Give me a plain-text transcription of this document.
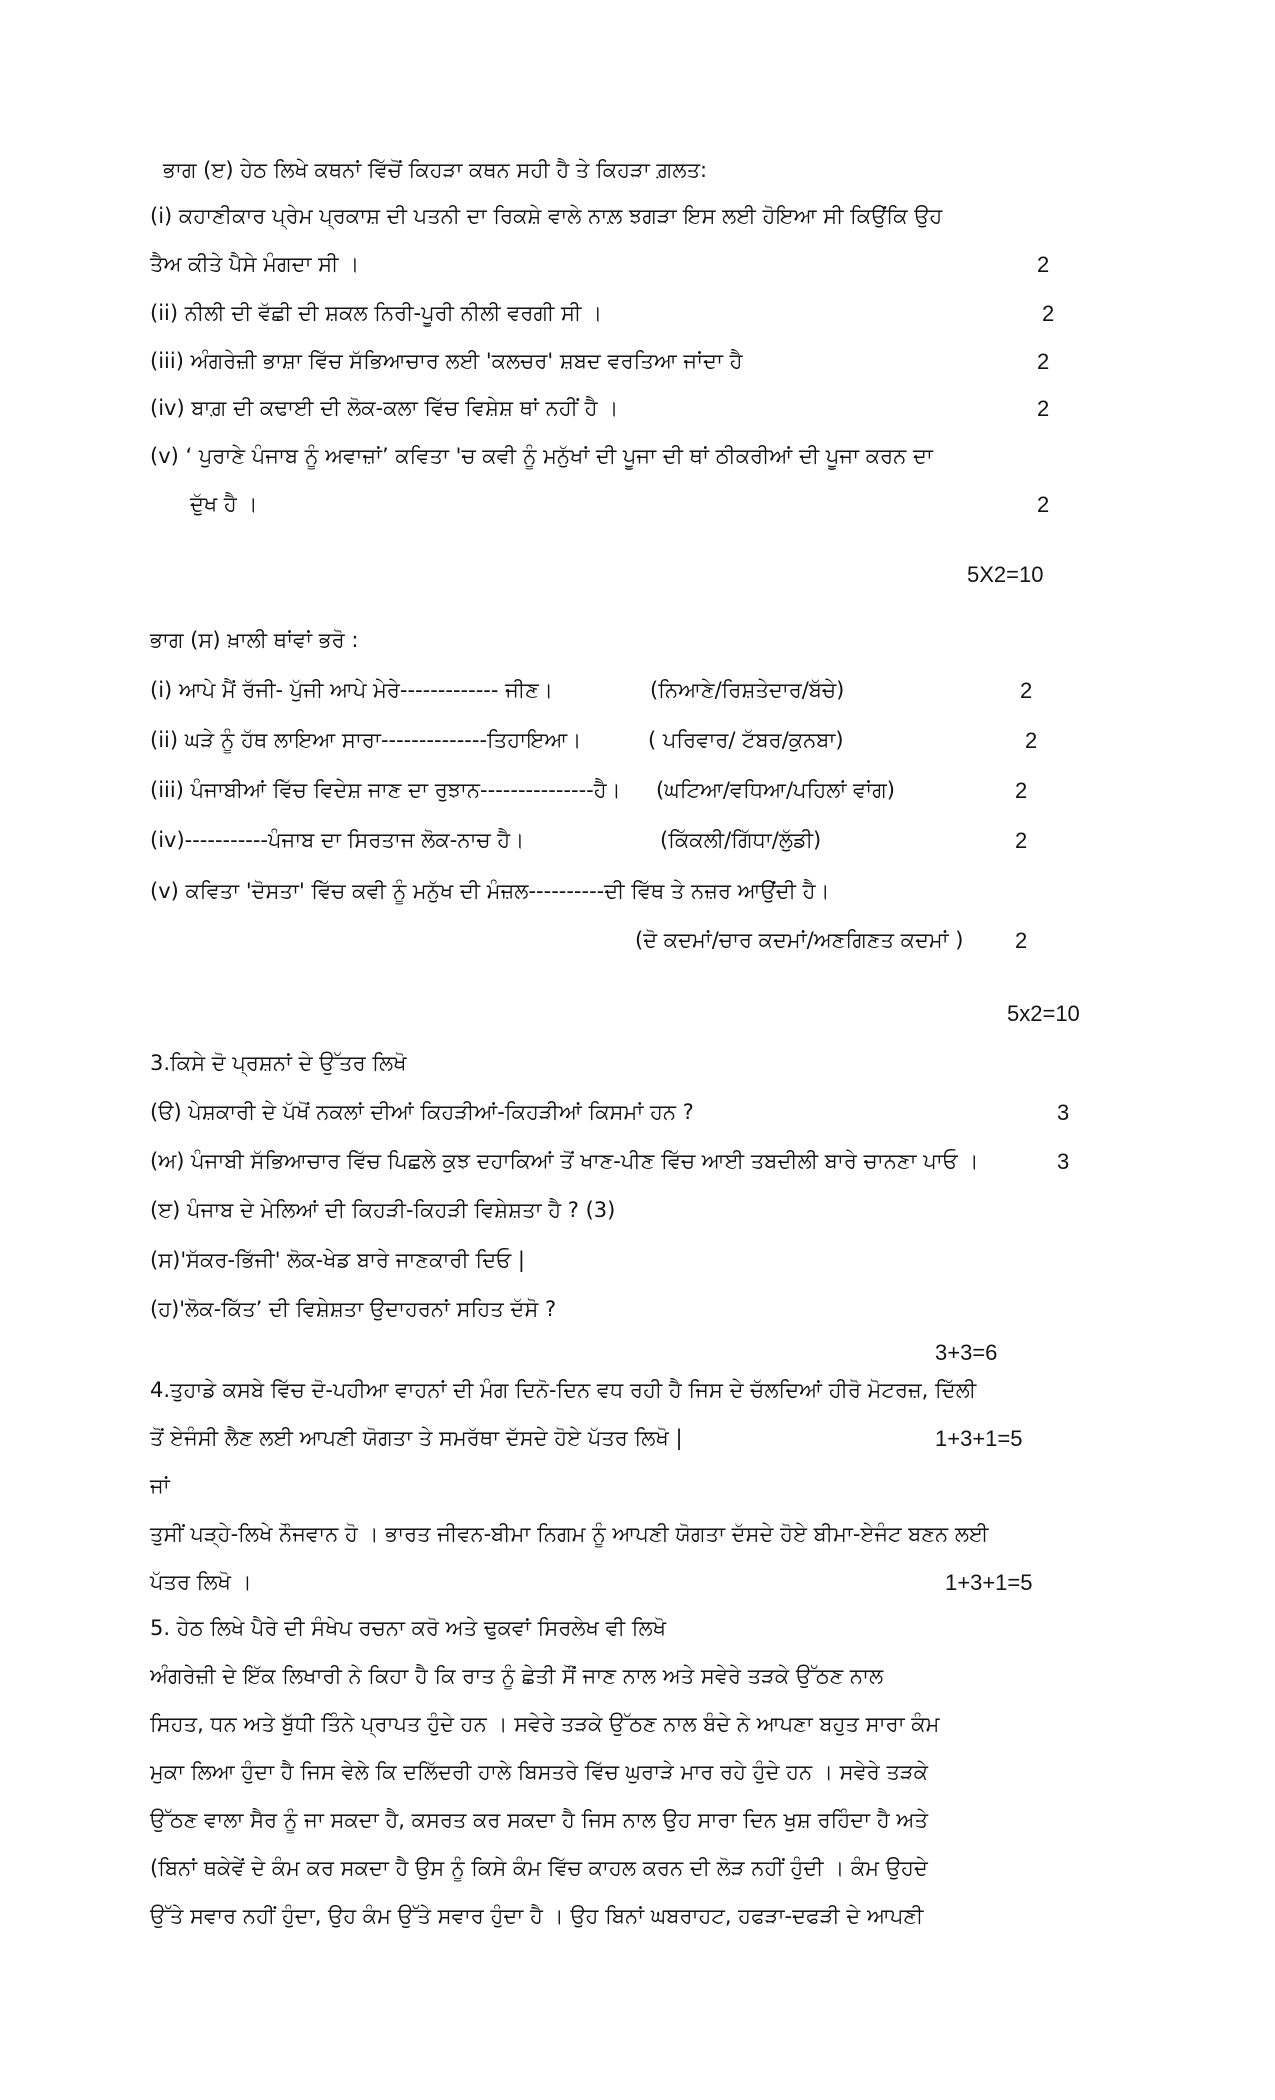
ਭਾਗ (ੲ) ਹੇਠ ਲਿਖੇ ਕਥਨਾਂ ਵਿੱਚੋਂ ਕਿਹੜਾ ਕਥਨ ਸਹੀ ਹੈ ਤੇ ਕਿਹੜਾ ਗ਼ਲਤ:
(i) ਕਹਾਣੀਕਾਰ ਪ੍ਰੇਮ ਪ੍ਰਕਾਸ਼ ਦੀ ਪਤਨੀ ਦਾ ਰਿਕਸ਼ੇ ਵਾਲੇ ਨਾਲ਼ ਝਗੜਾ ਇਸ ਲਈ ਹੋਇਆ ਸੀ ਕਿਉਂਕਿ ਉਹ
ਤੈਅ ਕੀਤੇ ਪੈਸੇ ਮੰਗਦਾ ਸੀ ।	2
(ii) ਨੀਲੀ ਦੀ ਵੱਛੀ ਦੀ ਸ਼ਕਲ ਨਿਰੀ-ਪੂਰੀ ਨੀਲੀ ਵਰਗੀ ਸੀ ।	2
(iii) ਅੰਗਰੇਜ਼ੀ ਭਾਸ਼ਾ ਵਿੱਚ ਸੱਭਿਆਚਾਰ ਲਈ 'ਕਲਚਰ' ਸ਼ਬਦ ਵਰਤਿਆ ਜਾਂਦਾ ਹੈ	2
(iv) ਬਾਗ਼ ਦੀ ਕਢਾਈ ਦੀ ਲੋਕ-ਕਲਾ ਵਿੱਚ ਵਿਸ਼ੇਸ਼ ਥਾਂ ਨਹੀਂ ਹੈ ।	2
(v) ‘ ਪੁਰਾਣੇ ਪੰਜਾਬ ਨੂੰ ਅਵਾਜ਼ਾਂ’ ਕਵਿਤਾ 'ਚ ਕਵੀ ਨੂੰ ਮਨੁੱਖਾਂ ਦੀ ਪੂਜਾ ਦੀ ਥਾਂ ਠੀਕਰੀਆਂ ਦੀ ਪੂਜਾ ਕਰਨ ਦਾ
ਦੁੱਖ ਹੈ ।	2
5X2=10
ਭਾਗ (ਸ) ਖ਼ਾਲੀ ਥਾਂਵਾਂ ਭਰੋ :
(i) ਆਪੇ ਮੈਂ ਰੱਜੀ- ਪੁੱਜੀ ਆਪੇ ਮੇਰੇ------------- ਜੀਣ।	(ਨਿਆਣੇ/ਰਿਸ਼ਤੇਦਾਰ/ਬੱਚੇ)	2
(ii) ਘੜੇ ਨੂੰ ਹੱਥ ਲਾਇਆ ਸਾਰਾ--------------ਤਿਹਾਇਆ।	( ਪਰਿਵਾਰ/ ਟੱਬਰ/ਕੁਨਬਾ)	2
(iii) ਪੰਜਾਬੀਆਂ ਵਿੱਚ ਵਿਦੇਸ਼ ਜਾਣ ਦਾ ਰੁਝਾਨ---------------ਹੈ। (ਘਟਿਆ/ਵਧਿਆ/ਪਹਿਲਾਂ ਵਾਂਗ)	2
(iv)-----------ਪੰਜਾਬ ਦਾ ਸਿਰਤਾਜ ਲੋਕ-ਨਾਚ ਹੈ।	(ਕਿੱਕਲੀ/ਗਿੱਧਾ/ਲੁੱਡੀ)	2
(v) ਕਵਿਤਾ 'ਦੋਸਤਾ' ਵਿੱਚ ਕਵੀ ਨੂੰ ਮਨੁੱਖ ਦੀ ਮੰਜ਼ਲ----------ਦੀ ਵਿੱਥ ਤੇ ਨਜ਼ਰ ਆਉਂਦੀ ਹੈ।
(ਦੋ ਕਦਮਾਂ/ਚਾਰ ਕਦਮਾਂ/ਅਣਗਿਣਤ ਕਦਮਾਂ ) 2
5x2=10
3.ਕਿਸੇ ਦੋ ਪ੍ਰਸ਼ਨਾਂ ਦੇ ਉੱਤਰ ਲਿਖੋ
(ੳ) ਪੇਸ਼ਕਾਰੀ ਦੇ ਪੱਖੋਂ ਨਕਲਾਂ ਦੀਆਂ ਕਿਹੜੀਆਂ-ਕਿਹੜੀਆਂ ਕਿਸਮਾਂ ਹਨ ?	3
(ਅ) ਪੰਜਾਬੀ ਸੱਭਿਆਚਾਰ ਵਿੱਚ ਪਿਛਲੇ ਕੁਝ ਦਹਾਕਿਆਂ ਤੋਂ ਖਾਣ-ਪੀਣ ਵਿੱਚ ਆਈ ਤਬਦੀਲੀ ਬਾਰੇ ਚਾਨਣਾ ਪਾਓ ।	3
(ੲ) ਪੰਜਾਬ ਦੇ ਮੇਲਿਆਂ ਦੀ ਕਿਹੜੀ-ਕਿਹੜੀ ਵਿਸ਼ੇਸ਼ਤਾ ਹੈ ? (3)
(ਸ)'ਸੱਕਰ-ਭਿੱਜੀ' ਲੋਕ-ਖੇਡ ਬਾਰੇ ਜਾਣਕਾਰੀ ਦਿਓ |
(ਹ)'ਲੋਕ-ਕਿੱਤ’ ਦੀ ਵਿਸ਼ੇਸ਼ਤਾ ਉਦਾਹਰਨਾਂ ਸਹਿਤ ਦੱਸੋ ?
3+3=6
4.ਤੁਹਾਡੇ ਕਸਬੇ ਵਿੱਚ ਦੋ-ਪਹੀਆ ਵਾਹਨਾਂ ਦੀ ਮੰਗ ਦਿਨੋ-ਦਿਨ ਵਧ ਰਹੀ ਹੈ ਜਿਸ ਦੇ ਚੱਲਦਿਆਂ ਹੀਰੋ ਮੋਟਰਜ਼, ਦਿੱਲੀ
ਤੋਂ ਏਜੰਸੀ ਲੈਣ ਲਈ ਆਪਣੀ ਯੋਗਤਾ ਤੇ ਸਮਰੱਥਾ ਦੱਸਦੇ ਹੋਏ ਪੱਤਰ ਲਿਖੋ |	1+3+1=5
ਜਾਂ
ਤੁਸੀਂ ਪੜ੍ਹੇ-ਲਿਖੇ ਨੌਜਵਾਨ ਹੋ । ਭਾਰਤ ਜੀਵਨ-ਬੀਮਾ ਨਿਗਮ ਨੂੰ ਆਪਣੀ ਯੋਗਤਾ ਦੱਸਦੇ ਹੋਏ ਬੀਮਾ-ਏਜੰਟ ਬਣਨ ਲਈ
ਪੱਤਰ ਲਿਖੋ ।	1+3+1=5
5. ਹੇਠ ਲਿਖੇ ਪੈਰੇ ਦੀ ਸੰਖੇਪ ਰਚਨਾ ਕਰੋ ਅਤੇ ਢੁਕਵਾਂ ਸਿਰਲੇਖ ਵੀ ਲਿਖੋ
ਅੰਗਰੇਜ਼ੀ ਦੇ ਇੱਕ ਲਿਖਾਰੀ ਨੇ ਕਿਹਾ ਹੈ ਕਿ ਰਾਤ ਨੂੰ ਛੇਤੀ ਸੌਂ ਜਾਣ ਨਾਲ ਅਤੇ ਸਵੇਰੇ ਤੜਕੇ ਉੱਠਣ ਨਾਲ
ਸਿਹਤ, ਧਨ ਅਤੇ ਬੁੱਧੀ ਤਿੰਨੇ ਪ੍ਰਾਪਤ ਹੁੰਦੇ ਹਨ । ਸਵੇਰੇ ਤੜਕੇ ਉੱਠਣ ਨਾਲ ਬੰਦੇ ਨੇ ਆਪਣਾ ਬਹੁਤ ਸਾਰਾ ਕੰਮ
ਮੁਕਾ ਲਿਆ ਹੁੰਦਾ ਹੈ ਜਿਸ ਵੇਲੇ ਕਿ ਦਲਿੱਦਰੀ ਹਾਲੇ ਬਿਸਤਰੇ ਵਿੱਚ ਘੁਰਾੜੇ ਮਾਰ ਰਹੇ ਹੁੰਦੇ ਹਨ । ਸਵੇਰੇ ਤੜਕੇ
ਉੱਠਣ ਵਾਲਾ ਸੈਰ ਨੂੰ ਜਾ ਸਕਦਾ ਹੈ, ਕਸਰਤ ਕਰ ਸਕਦਾ ਹੈ ਜਿਸ ਨਾਲ ਉਹ ਸਾਰਾ ਦਿਨ ਖੁਸ਼ ਰਹਿੰਦਾ ਹੈ ਅਤੇ
(ਬਿਨਾਂ ਥਕੇਵੇਂ ਦੇ ਕੰਮ ਕਰ ਸਕਦਾ ਹੈ ਉਸ ਨੂੰ ਕਿਸੇ ਕੰਮ ਵਿੱਚ ਕਾਹਲ ਕਰਨ ਦੀ ਲੋੜ ਨਹੀਂ ਹੁੰਦੀ । ਕੰਮ ਉਹਦੇ
ਉੱਤੇ ਸਵਾਰ ਨਹੀਂ ਹੁੰਦਾ, ਉਹ ਕੰਮ ਉੱਤੇ ਸਵਾਰ ਹੁੰਦਾ ਹੈ । ਉਹ ਬਿਨਾਂ ਘਬਰਾਹਟ, ਹਫੜਾ-ਦਫੜੀ ਦੇ ਆਪਣੀ
